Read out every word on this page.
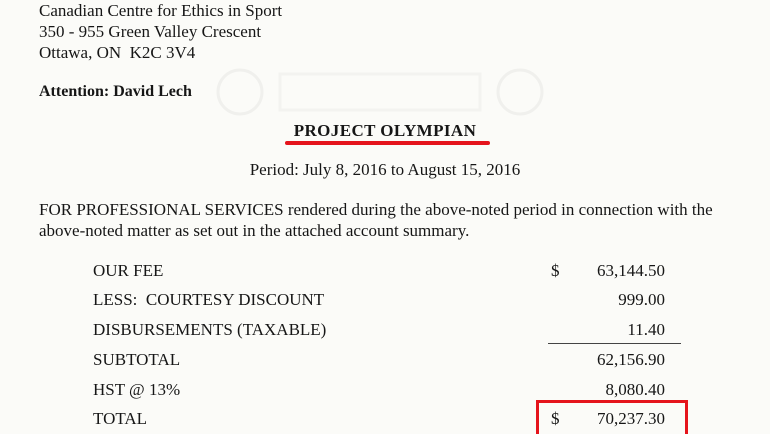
Canadian Centre for Ethics in Sport
350 - 955 Green Valley Crescent
Ottawa, ON  K2C 3V4
Attention: David Lech
PROJECT OLYMPIAN
Period: July 8, 2016 to August 15, 2016
FOR PROFESSIONAL SERVICES rendered during the above-noted period in connection with the above-noted matter as set out in the attached account summary.
OUR FEE	$ 63,144.50
LESS:  COURTESY DISCOUNT	999.00
DISBURSEMENTS (TAXABLE)	11.40
SUBTOTAL	62,156.90
HST @ 13%	8,080.40
TOTAL	$ 70,237.30
